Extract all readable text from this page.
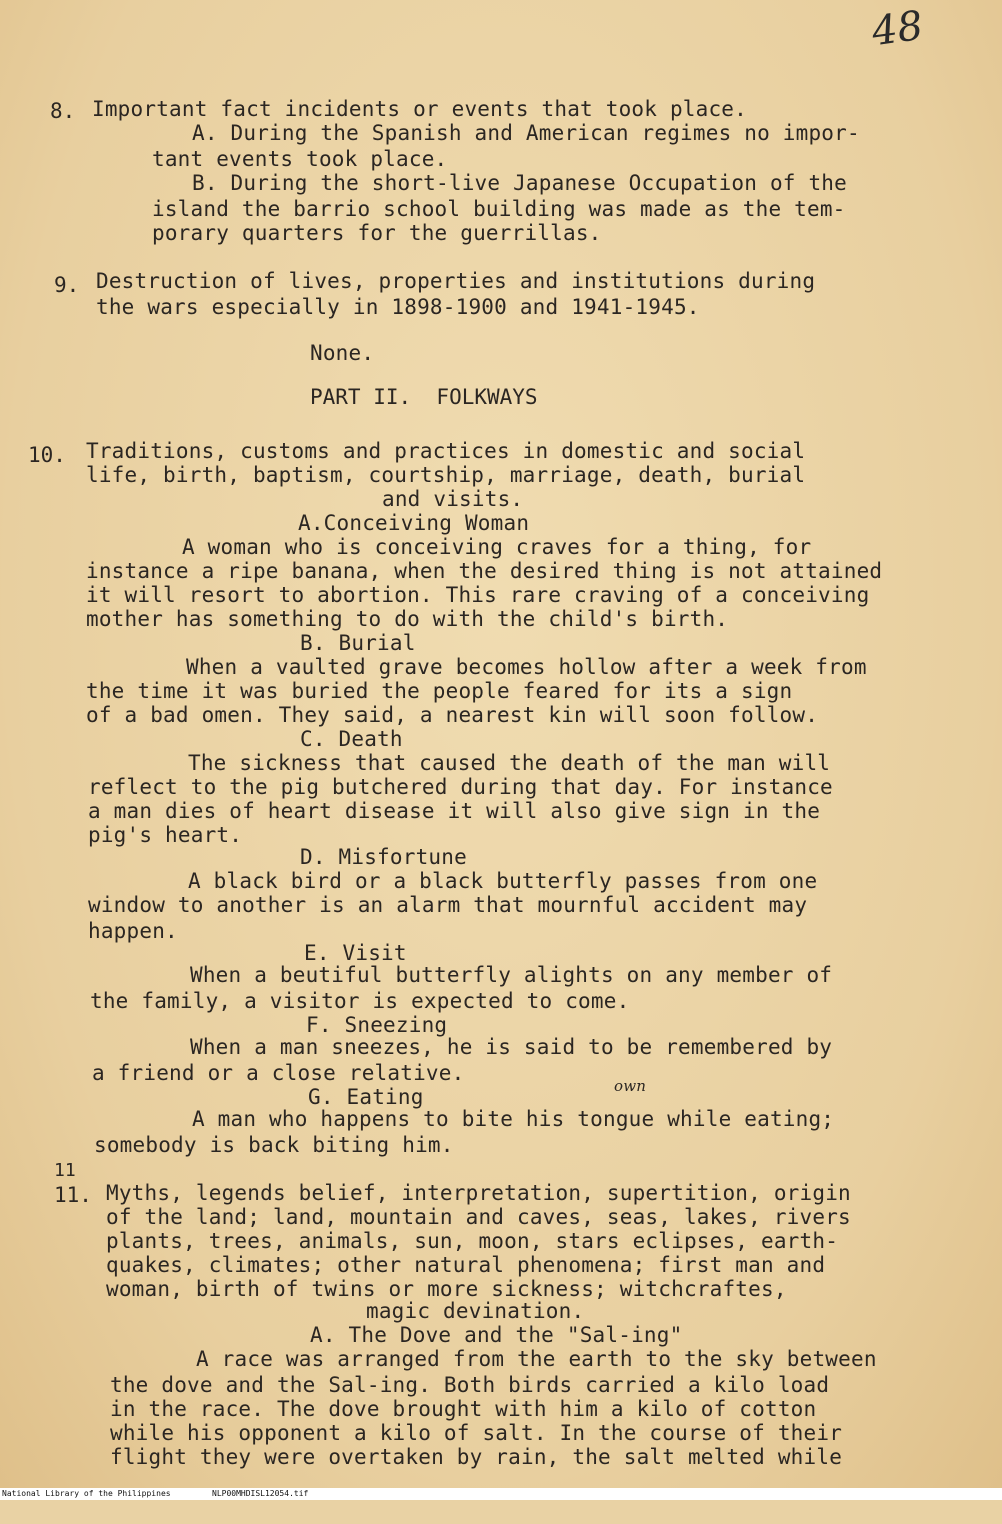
48
8. Important fact incidents or events that took place.
A. During the Spanish and American regimes no impor-
tant events took place.
B. During the short-live Japanese Occupation of the
island the barrio school building was made as the tem-
porary quarters for the guerrillas.
9. Destruction of lives, properties and institutions during
the wars especially in 1898-1900 and 1941-1945.
None.
PART II.  FOLKWAYS
10. Traditions, customs and practices in domestic and social
life, birth, baptism, courtship, marriage, death, burial
and visits.
A.Conceiving Woman
A woman who is conceiving craves for a thing, for
instance a ripe banana, when the desired thing is not attained
it will resort to abortion. This rare craving of a conceiving
mother has something to do with the child's birth.
B. Burial
When a vaulted grave becomes hollow after a week from
the time it was buried the people feared for its a sign
of a bad omen. They said, a nearest kin will soon follow.
C. Death
The sickness that caused the death of the man will
reflect to the pig butchered during that day. For instance
a man dies of heart disease it will also give sign in the
pig's heart.
D. Misfortune
A black bird or a black butterfly passes from one
window to another is an alarm that mournful accident may
happen.
E. Visit
When a beutiful butterfly alights on any member of
the family, a visitor is expected to come.
F. Sneezing
When a man sneezes, he is said to be remembered by
a friend or a close relative.
G. Eating	own
A man who happens to bite his tongue while eating;
somebody is back biting him.
11
11. Myths, legends belief, interpretation, supertition, origin
of the land; land, mountain and caves, seas, lakes, rivers
plants, trees, animals, sun, moon, stars eclipses, earth-
quakes, climates; other natural phenomena; first man and
woman, birth of twins or more sickness; witchcraftes,
magic devination.
A. The Dove and the "Sal-ing"
A race was arranged from the earth to the sky between
the dove and the Sal-ing. Both birds carried a kilo load
in the race. The dove brought with him a kilo of cotton
while his opponent a kilo of salt. In the course of their
flight they were overtaken by rain, the salt melted while

National Library of the Philippines

	NLP00MHDISL12054.tif
